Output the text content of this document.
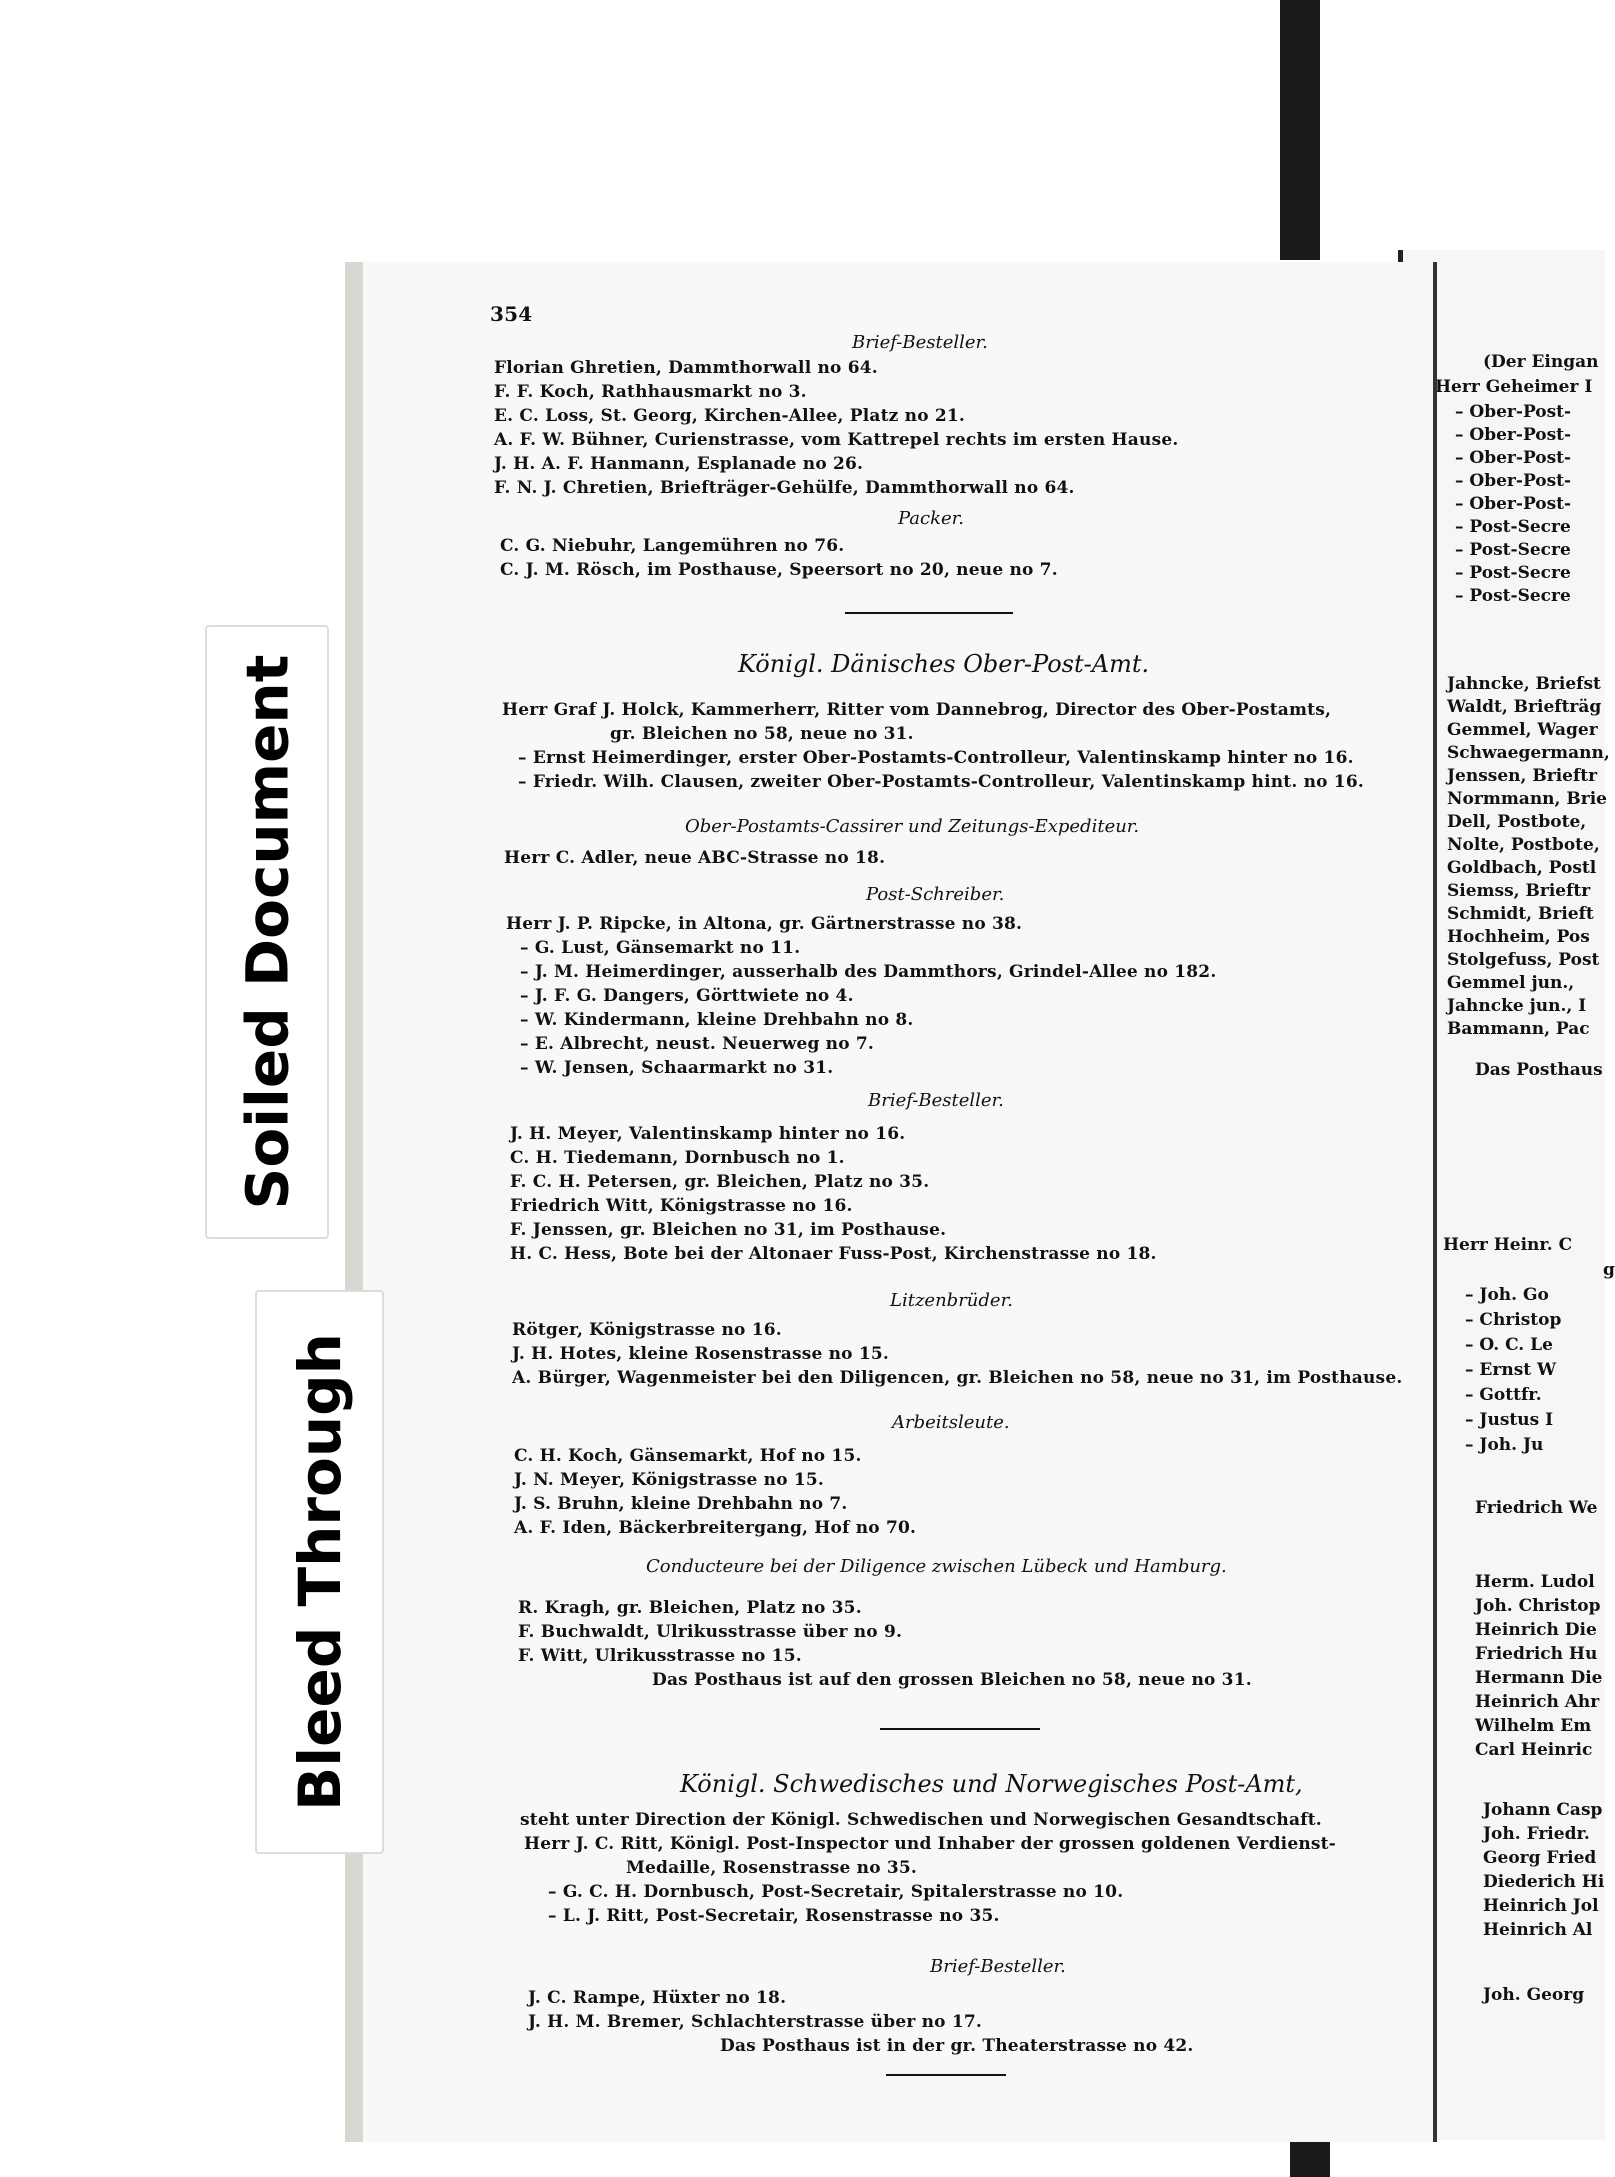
(Der Eingan
Herr Geheimer I
– Ober-Post-
– Ober-Post-
– Ober-Post-
– Ober-Post-
– Ober-Post-
– Post-Secre
– Post-Secre
– Post-Secre
– Post-Secre
Jahncke, Briefst
Waldt, Briefträg
Gemmel, Wager
Schwaegermann,
Jenssen, Brieftr
Normmann, Brie
Dell, Postbote,
Nolte, Postbote,
Goldbach, Postl
Siemss, Brieftr
Schmidt, Brieft
Hochheim, Pos
Stolgefuss, Post
Gemmel jun.,
Jahncke jun., I
Bammann, Pac
Das Posthaus
Herr Heinr. C
g
– Joh. Go
– Christop
– O. C. Le
– Ernst W
– Gottfr.
– Justus I
– Joh. Ju
Friedrich We
Herm. Ludol
Joh. Christop
Heinrich Die
Friedrich Hu
Hermann Die
Heinrich Ahr
Wilhelm Em
Carl Heinric
Johann Casp
Joh. Friedr.
Georg Fried
Diederich Hi
Heinrich Jol
Heinrich Al
Joh. Georg
354
Brief-Besteller.
Florian Ghretien, Dammthorwall no 64.
F. F. Koch, Rathhausmarkt no 3.
E. C. Loss, St. Georg, Kirchen-Allee, Platz no 21.
A. F. W. Bühner, Curienstrasse, vom Kattrepel rechts im ersten Hause.
J. H. A. F. Hanmann, Esplanade no 26.
F. N. J. Chretien, Briefträger-Gehülfe, Dammthorwall no 64.
Packer.
C. G. Niebuhr, Langemühren no 76.
C. J. M. Rösch, im Posthause, Speersort no 20, neue no 7.
Königl. Dänisches Ober-Post-Amt.
Herr Graf J. Holck, Kammerherr, Ritter vom Dannebrog, Director des Ober-Postamts,
gr. Bleichen no 58, neue no 31.
– Ernst Heimerdinger, erster Ober-Postamts-Controlleur, Valentinskamp hinter no 16.
– Friedr. Wilh. Clausen, zweiter Ober-Postamts-Controlleur, Valentinskamp hint. no 16.
Ober-Postamts-Cassirer und Zeitungs-Expediteur.
Herr C. Adler, neue ABC-Strasse no 18.
Post-Schreiber.
Herr J. P. Ripcke, in Altona, gr. Gärtnerstrasse no 38.
– G. Lust, Gänsemarkt no 11.
– J. M. Heimerdinger, ausserhalb des Dammthors, Grindel-Allee no 182.
– J. F. G. Dangers, Görttwiete no 4.
– W. Kindermann, kleine Drehbahn no 8.
– E. Albrecht, neust. Neuerweg no 7.
– W. Jensen, Schaarmarkt no 31.
Brief-Besteller.
J. H. Meyer, Valentinskamp hinter no 16.
C. H. Tiedemann, Dornbusch no 1.
F. C. H. Petersen, gr. Bleichen, Platz no 35.
Friedrich Witt, Königstrasse no 16.
F. Jenssen, gr. Bleichen no 31, im Posthause.
H. C. Hess, Bote bei der Altonaer Fuss-Post, Kirchenstrasse no 18.
Litzenbrüder.
Rötger, Königstrasse no 16.
J. H. Hotes, kleine Rosenstrasse no 15.
A. Bürger, Wagenmeister bei den Diligencen, gr. Bleichen no 58, neue no 31, im Posthause.
Arbeitsleute.
C. H. Koch, Gänsemarkt, Hof no 15.
J. N. Meyer, Königstrasse no 15.
J. S. Bruhn, kleine Drehbahn no 7.
A. F. Iden, Bäckerbreitergang, Hof no 70.
Conducteure bei der Diligence zwischen Lübeck und Hamburg.
R. Kragh, gr. Bleichen, Platz no 35.
F. Buchwaldt, Ulrikusstrasse über no 9.
F. Witt, Ulrikusstrasse no 15.
Das Posthaus ist auf den grossen Bleichen no 58, neue no 31.
Königl. Schwedisches und Norwegisches Post-Amt,
steht unter Direction der Königl. Schwedischen und Norwegischen Gesandtschaft.
Herr J. C. Ritt, Königl. Post-Inspector und Inhaber der grossen goldenen Verdienst-
Medaille, Rosenstrasse no 35.
– G. C. H. Dornbusch, Post-Secretair, Spitalerstrasse no 10.
– L. J. Ritt, Post-Secretair, Rosenstrasse no 35.
Brief-Besteller.
J. C. Rampe, Hüxter no 18.
J. H. M. Bremer, Schlachterstrasse über no 17.
Das Posthaus ist in der gr. Theaterstrasse no 42.
Soiled Document
Bleed Through
